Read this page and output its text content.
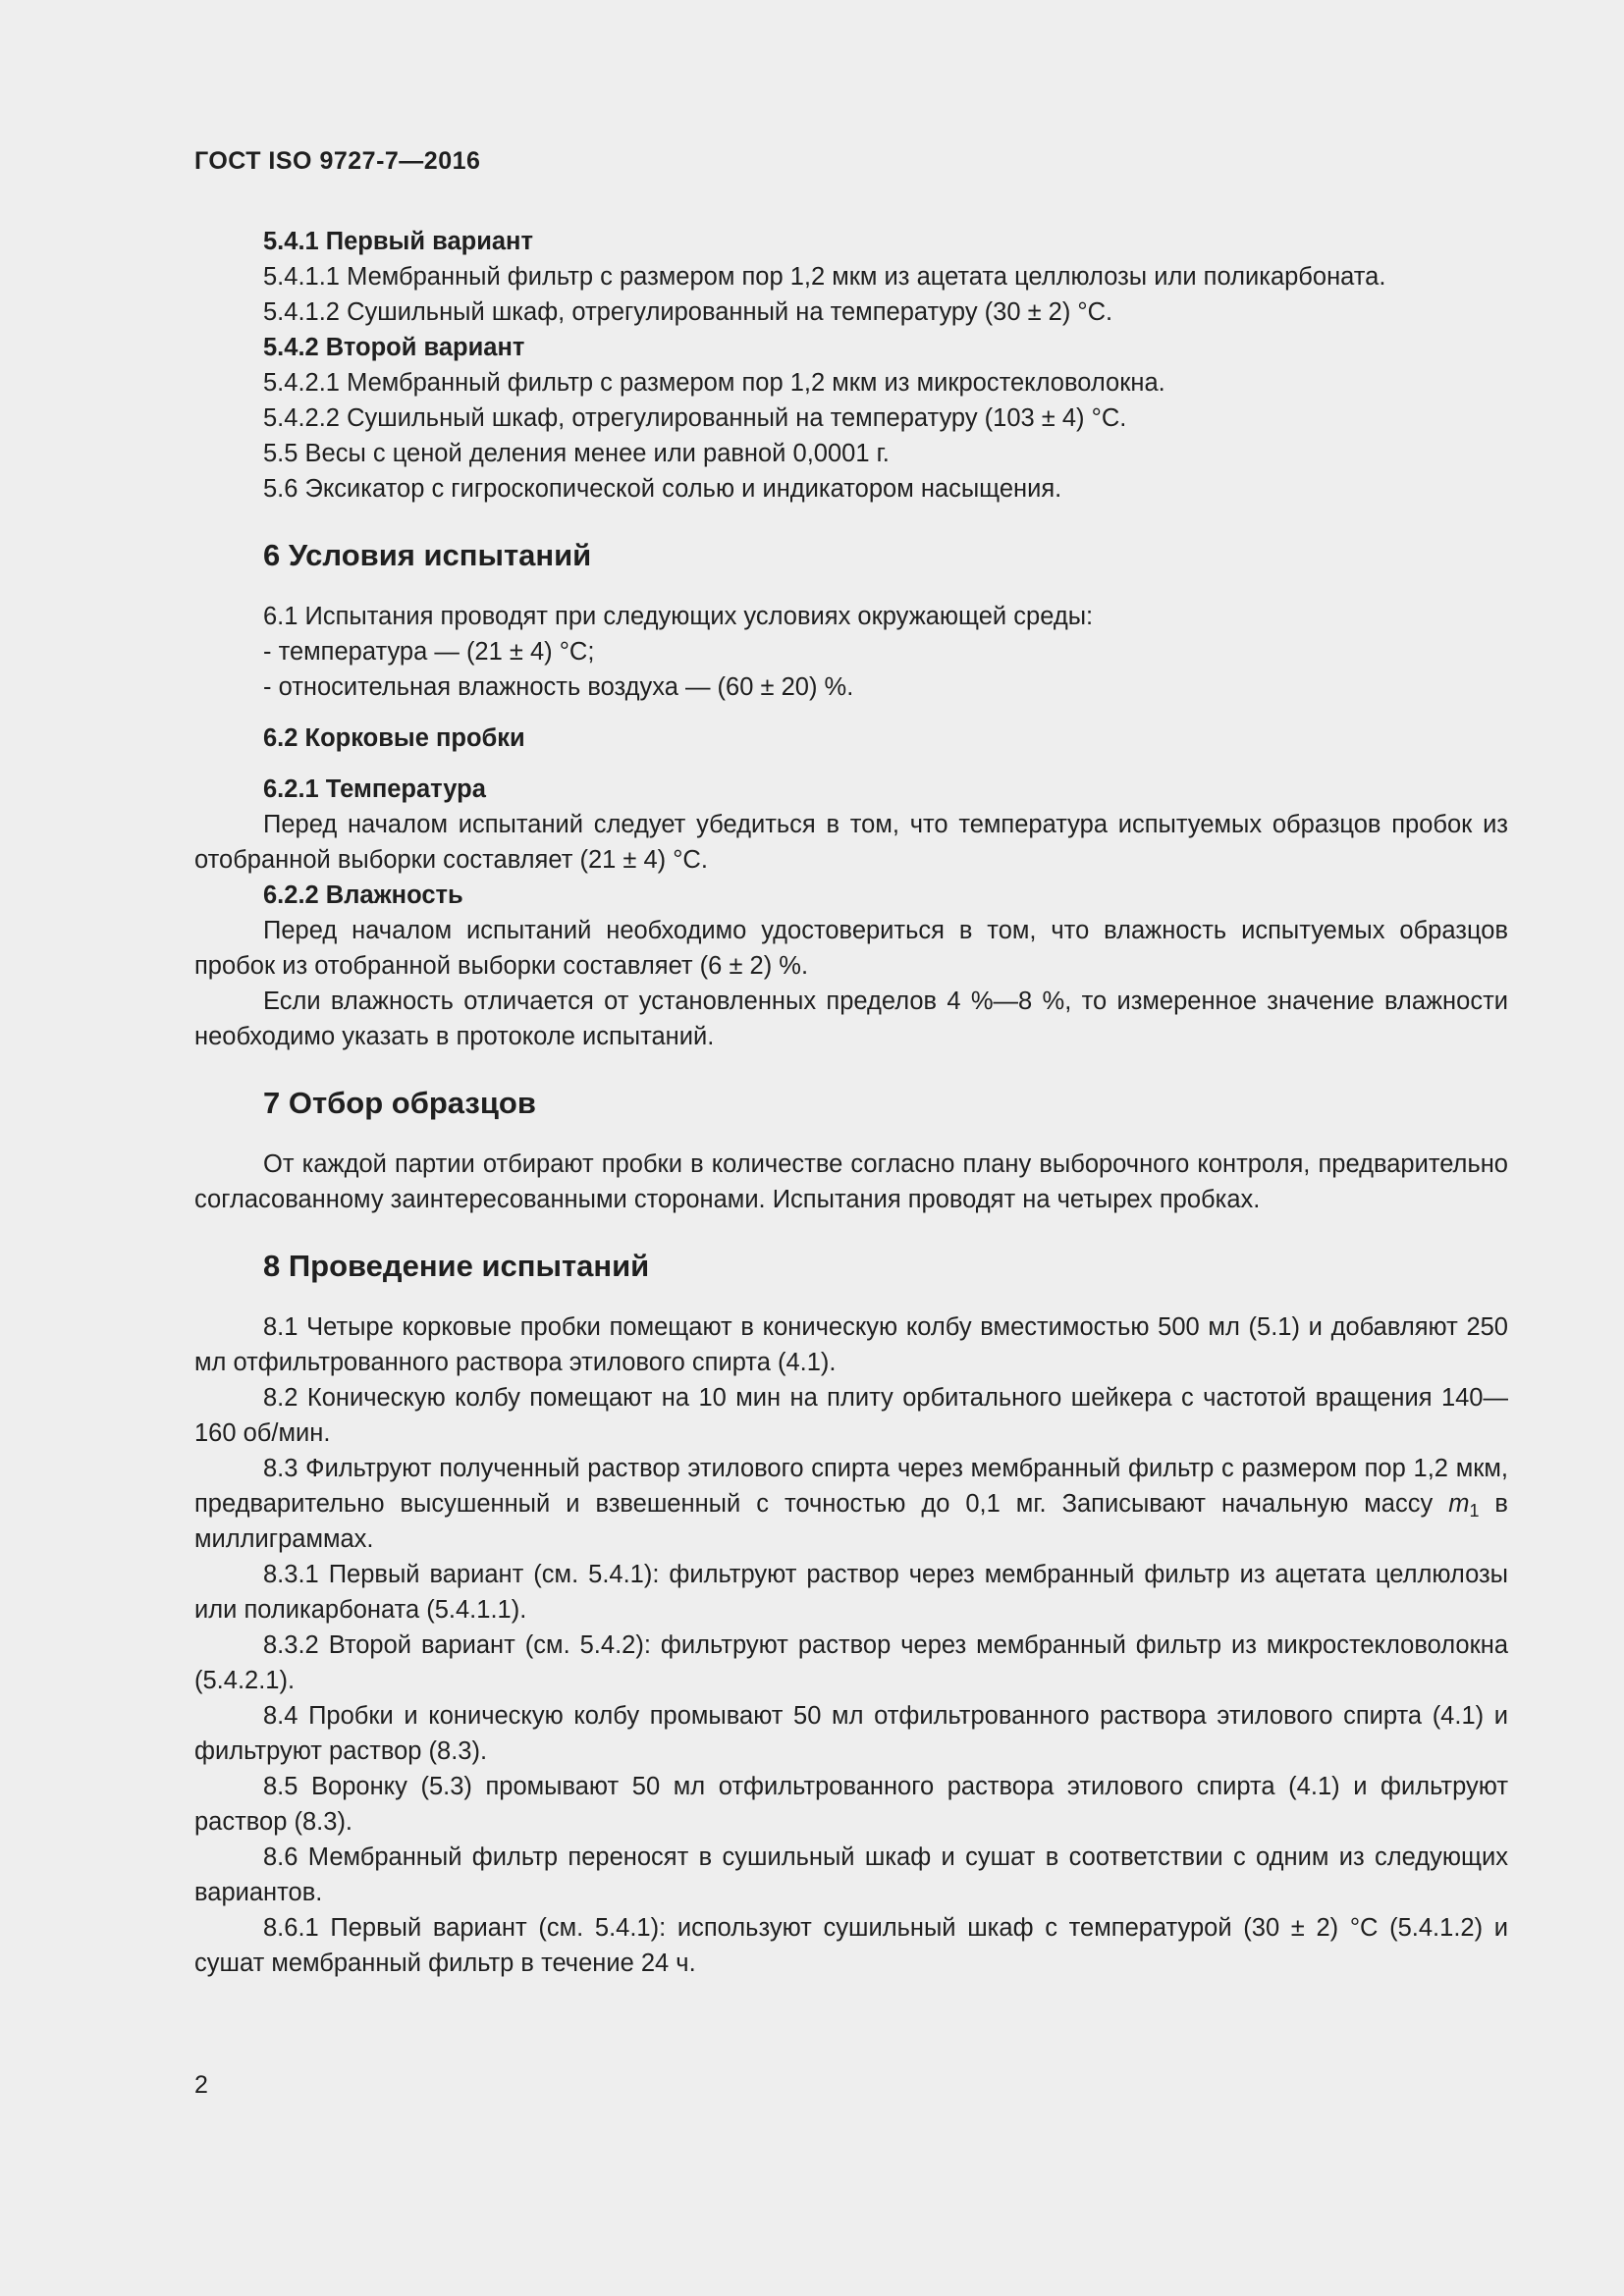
ГОСТ ISO 9727-7—2016

5.4.1 Первый вариант

5.4.1.1 Мембранный фильтр с размером пор 1,2 мкм из ацетата целлюлозы или поликарбоната.

5.4.1.2 Сушильный шкаф, отрегулированный на температуру (30 ± 2) °С.

5.4.2 Второй вариант

5.4.2.1 Мембранный фильтр с размером пор 1,2 мкм из микростекловолокна.

5.4.2.2 Сушильный шкаф, отрегулированный на температуру (103 ± 4) °С.

5.5 Весы с ценой деления менее или равной 0,0001 г.

5.6 Эксикатор с гигроскопической солью и индикатором насыщения.

6 Условия испытаний

6.1 Испытания проводят при следующих условиях окружающей среды:

- температура — (21 ± 4) °С;

- относительная влажность воздуха — (60 ± 20) %.

6.2 Корковые пробки

6.2.1 Температура

Перед началом испытаний следует убедиться в том, что температура испытуемых образцов пробок из отобранной выборки составляет (21 ± 4) °С.

6.2.2 Влажность

Перед началом испытаний необходимо удостовериться в том, что влажность испытуемых образцов пробок из отобранной выборки составляет (6 ± 2) %.

Если влажность отличается от установленных пределов 4 %—8 %, то измеренное значение влажности необходимо указать в протоколе испытаний.

7 Отбор образцов

От каждой партии отбирают пробки в количестве согласно плану выборочного контроля, предварительно согласованному заинтересованными сторонами. Испытания проводят на четырех пробках.

8 Проведение испытаний

8.1 Четыре корковые пробки помещают в коническую колбу вместимостью 500 мл (5.1) и добавляют 250 мл отфильтрованного раствора этилового спирта (4.1).

8.2 Коническую колбу помещают на 10 мин на плиту орбитального шейкера с частотой вращения 140—160 об/мин.

8.3 Фильтруют полученный раствор этилового спирта через мембранный фильтр с размером пор 1,2 мкм, предварительно высушенный и взвешенный с точностью до 0,1 мг. Записывают начальную массу $m_1$ в миллиграммах.

8.3.1 Первый вариант (см. 5.4.1): фильтруют раствор через мембранный фильтр из ацетата целлюлозы или поликарбоната (5.4.1.1).

8.3.2 Второй вариант (см. 5.4.2): фильтруют раствор через мембранный фильтр из микростекловолокна (5.4.2.1).

8.4 Пробки и коническую колбу промывают 50 мл отфильтрованного раствора этилового спирта (4.1) и фильтруют раствор (8.3).

8.5 Воронку (5.3) промывают 50 мл отфильтрованного раствора этилового спирта (4.1) и фильтруют раствор (8.3).

8.6 Мембранный фильтр переносят в сушильный шкаф и сушат в соответствии с одним из следующих вариантов.

8.6.1 Первый вариант (см. 5.4.1): используют сушильный шкаф с температурой (30 ± 2) °С (5.4.1.2) и сушат мембранный фильтр в течение 24 ч.

2
